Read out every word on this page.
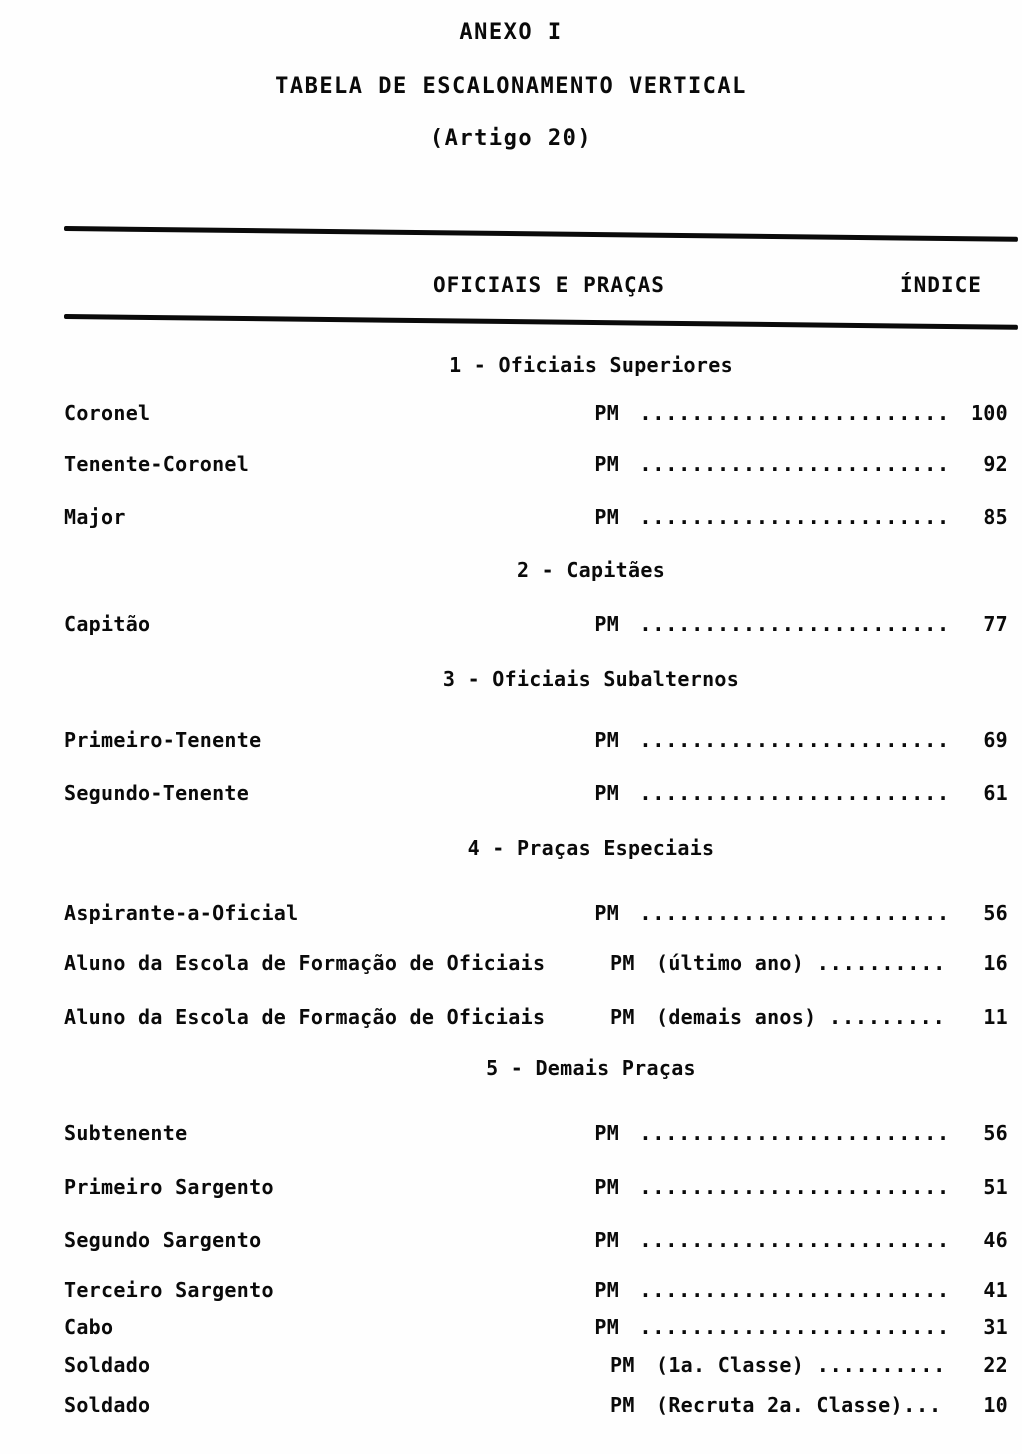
ANEXO I
TABELA DE ESCALONAMENTO VERTICAL
(Artigo 20)
OFICIAIS E PRAÇAS	ÍNDICE
1 - Oficiais Superiores
Coronel	PM ........................	100
Tenente-Coronel	PM ........................	92
Major	PM ........................	85
2 - Capitães
Capitão	PM ........................	77
3 - Oficiais Subalternos
Primeiro-Tenente	PM ........................	69
Segundo-Tenente	PM ........................	61
4 - Praças Especiais
Aspirante-a-Oficial	PM ........................	56
Aluno da Escola de Formação de Oficiais	PM	(último ano) ..........	16
Aluno da Escola de Formação de Oficiais	PM	(demais anos) .........	11
5 - Demais Praças
Subtenente	PM ........................	56
Primeiro Sargento	PM ........................	51
Segundo Sargento	PM ........................	46
Terceiro Sargento	PM ........................	41
Cabo	PM ........................	31
Soldado	PM	(1a. Classe) ..........	22
Soldado	PM	(Recruta 2a. Classe)...	10
